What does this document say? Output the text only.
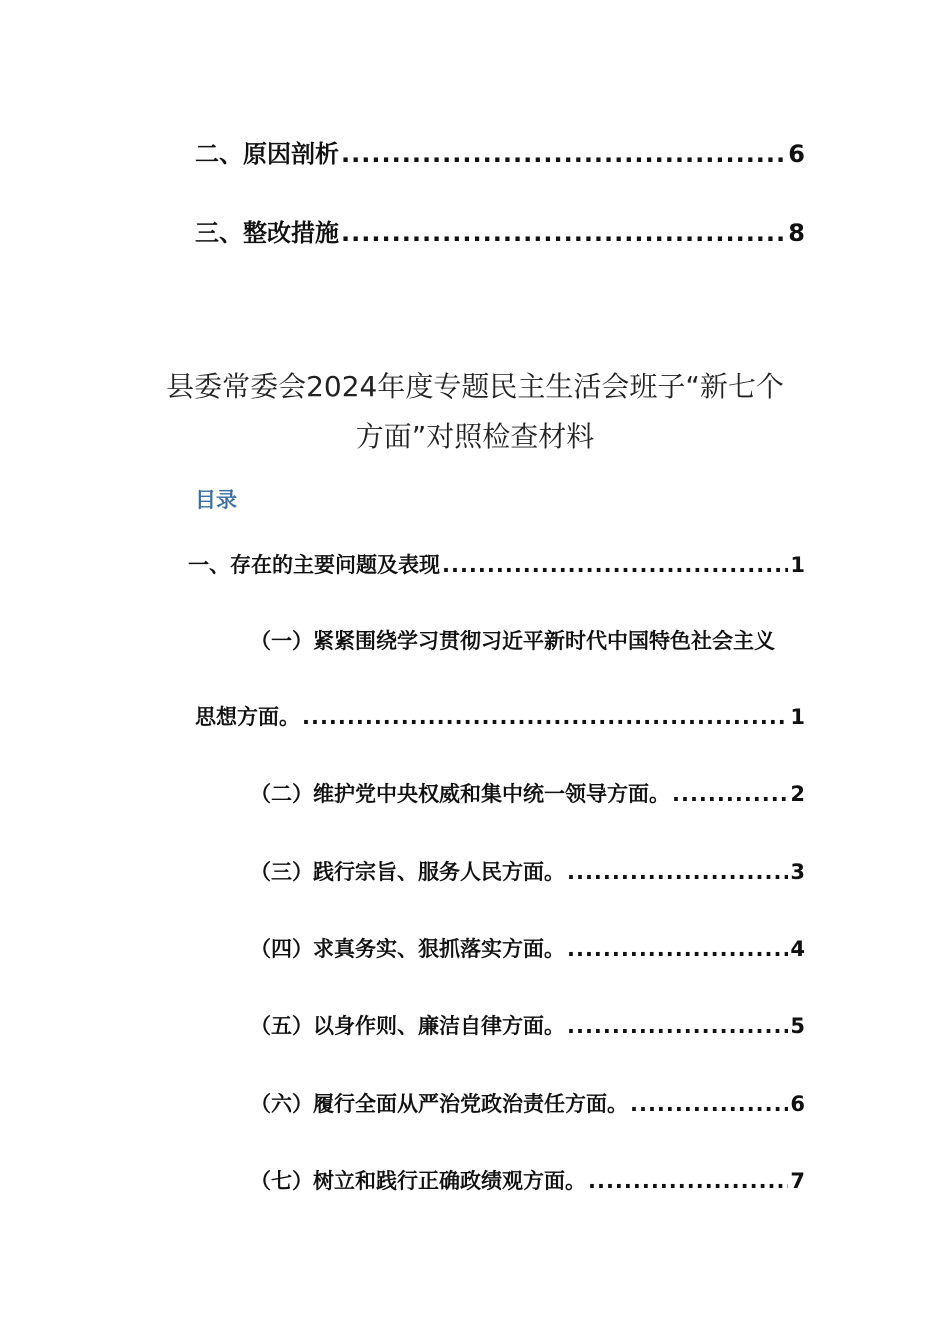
二、原因剖析 .....	6
三、整改措施 .....	8
县委常委会2024年度专题民主生活会班子“新七个
方面”对照检查材料
目录
一、存在的主要问题及表现 .....	1
（一）紧紧围绕学习贯彻习近平新时代中国特色社会主义
思想方面。 .....	1
（二）维护党中央权威和集中统一领导方面。 .....	2
（三）践行宗旨、服务人民方面。 .....	3
（四）求真务实、狠抓落实方面。 .....	4
（五）以身作则、廉洁自律方面。 .....	5
（六）履行全面从严治党政治责任方面。 .....	6
（七）树立和践行正确政绩观方面。 .....	7
